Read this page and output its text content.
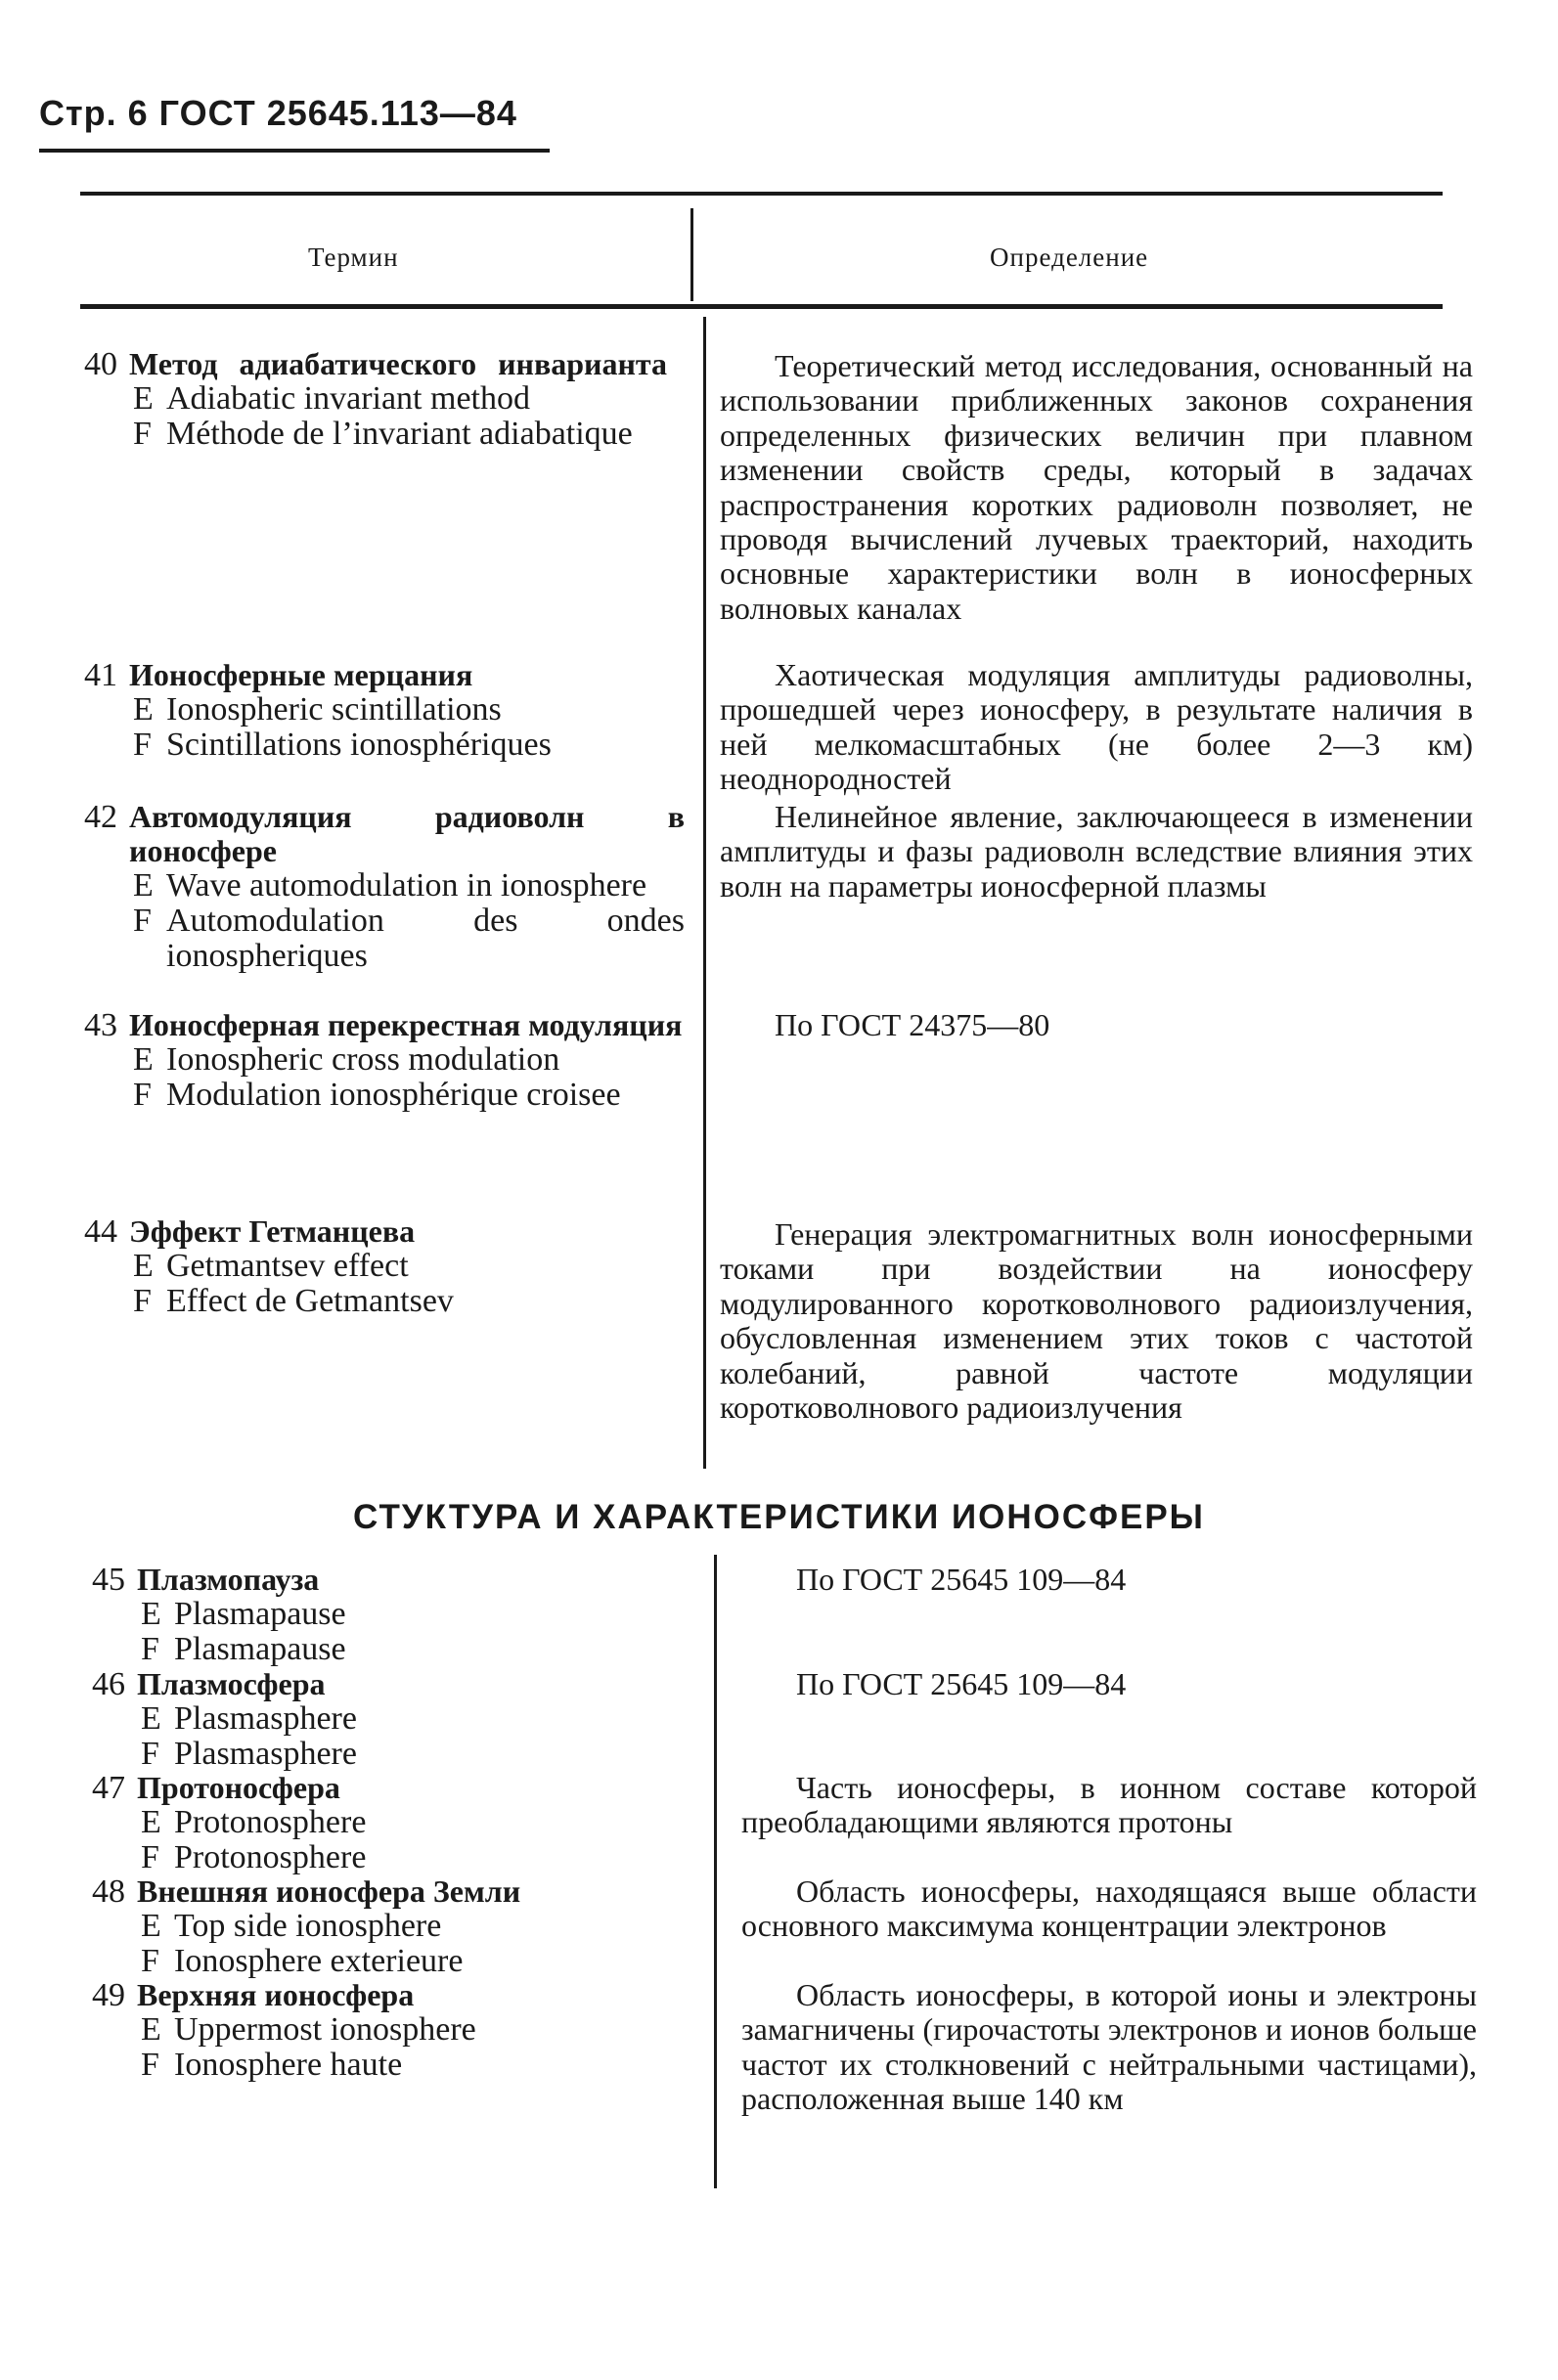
Стр. 6 ГОСТ 25645.113—84
Термин	Определение
40 Метод адиабатического инварианта
E Adiabatic invariant method
F Méthode de l’invariant adiabatique
41 Ионосферные мерцания
E Ionospheric scintillations
F Scintillations ionosphériques
42 Автомодуляция радиоволн в ионосфере
E Wave automodulation in ionosphere
F Automodulation des ondes ionospheriques
43 Ионосферная перекрестная модуляция
E Ionospheric cross modulation
F Modulation ionosphérique croisee
44 Эффект Гетманцева
E Getmantsev effect
F Effect de Getmantsev

Теоретический метод исследования, основанный на использовании приближенных законов сохранения определенных физических величин при плавном изменении свойств среды, который в задачах распространения коротких радиоволн позволяет, не проводя вычислений лучевых траекторий, находить основные характеристики волн в ионосферных волновых каналах

Хаотическая модуляция амплитуды радиоволны, прошедшей через ионосферу, в результате наличия в ней мелкомасштабных (не более 2—3 км) неоднородностей

Нелинейное явление, заключающееся в изменении амплитуды и фазы радиоволн вследствие влияния этих волн на параметры ионосферной плазмы

По ГОСТ 24375—80

Генерация электромагнитных волн ионосферными токами при воздействии на ионосферу модулированного коротковолнового радиоизлучения, обусловленная изменением этих токов с частотой колебаний, равной частоте модуляции коротковолнового радиоизлучения

СТУКТУРА И ХАРАКТЕРИСТИКИ ИОНОСФЕРЫ
45 Плазмопауза
E Plasmapause
F Plasmapause
46 Плазмосфера
E Plasmasphere
F Plasmasphere
47 Протоносфера
E Protonosphere
F Protonosphere
48 Внешняя ионосфера Земли
E Top side ionosphere
F Ionosphere exterieure
49 Верхняя ионосфера
E Uppermost ionosphere
F Ionosphere haute

По ГОСТ 25645 109—84

По ГОСТ 25645 109—84

Часть ионосферы, в ионном составе которой преобладающими являются протоны

Область ионосферы, находящаяся выше области основного максимума концентрации электронов

Область ионосферы, в которой ионы и электроны замагничены (гирочастоты электронов и ионов больше частот их столкновений с нейтральными частицами), расположенная выше 140 км
